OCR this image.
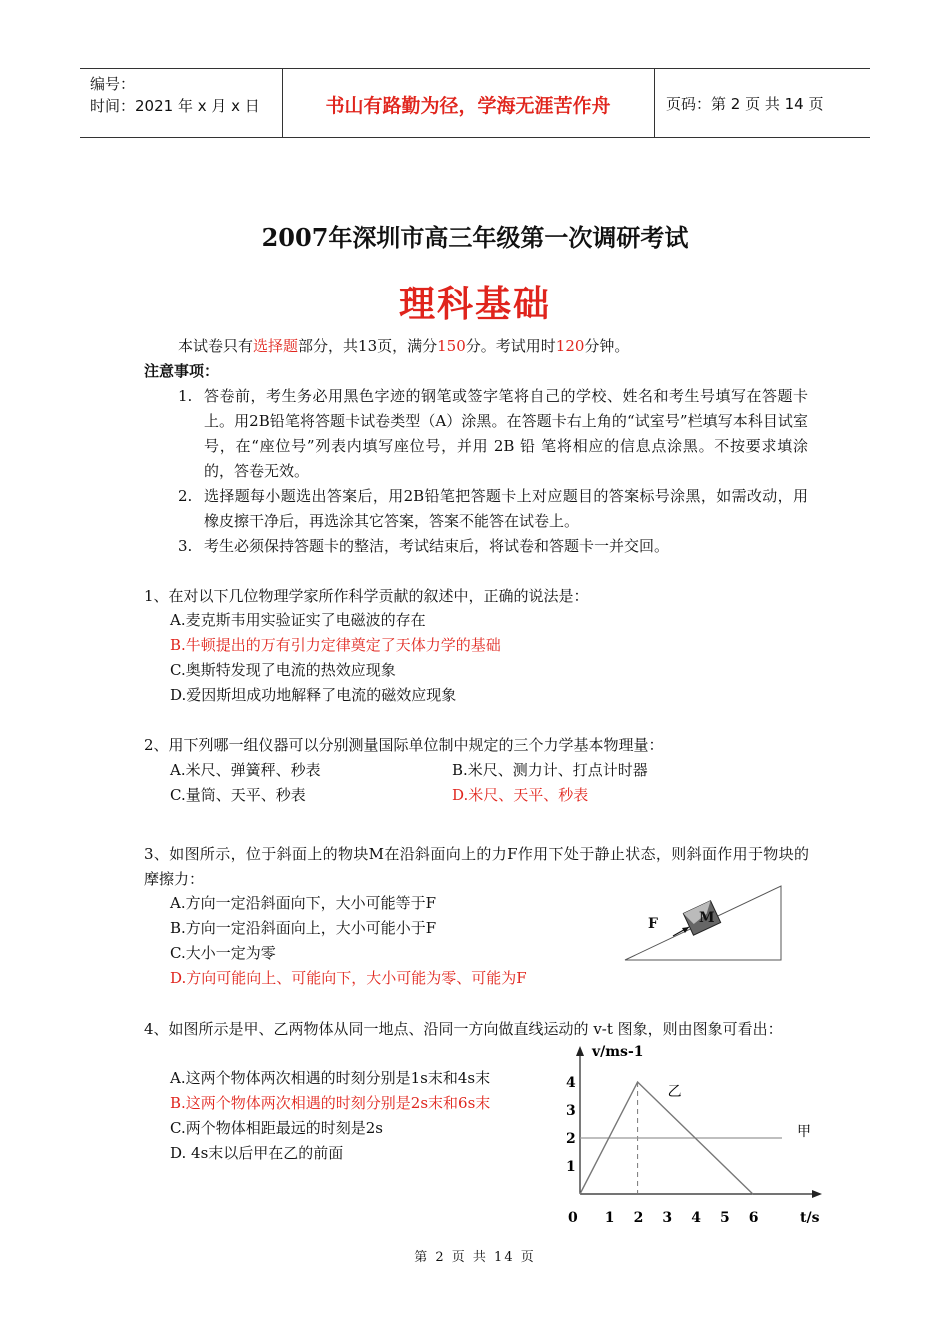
编号：
时间：2021 年 x 月 x 日	书山有路勤为径，学海无涯苦作舟	页码：第 2 页 共 14 页
2007年深圳市高三年级第一次调研考试
理科基础
本试卷只有选择题部分，共13页，满分150分。考试用时120分钟。
注意事项：
1. 答卷前，考生务必用黑色字迹的钢笔或签字笔将自己的学校、姓名和考生号填写在答题卡上。用2B铅笔将答题卡试卷类型（A）涂黑。在答题卡右上角的“试室号”栏填写本科目试室号，在“座位号”列表内填写座位号，并用 2B 铅 笔将相应的信息点涂黑。不按要求填涂的，答卷无效。
2. 选择题每小题选出答案后，用2B铅笔把答题卡上对应题目的答案标号涂黑，如需改动，用橡皮擦干净后，再选涂其它答案，答案不能答在试卷上。
3. 考生必须保持答题卡的整洁，考试结束后，将试卷和答题卡一并交回。
1、在对以下几位物理学家所作科学贡献的叙述中，正确的说法是：
A.麦克斯韦用实验证实了电磁波的存在
B.牛顿提出的万有引力定律奠定了天体力学的基础
C.奥斯特发现了电流的热效应现象
D.爱因斯坦成功地解释了电流的磁效应现象
2、用下列哪一组仪器可以分别测量国际单位制中规定的三个力学基本物理量：
A.米尺、弹簧秤、秒表	B.米尺、测力计、打点计时器
C.量筒、天平、秒表	D.米尺、天平、秒表
3、如图所示，位于斜面上的物块M在沿斜面向上的力F作用下处于静止状态，则斜面作用于物块的摩擦力：
A.方向一定沿斜面向下，大小可能等于F
B.方向一定沿斜面向上，大小可能小于F
C.大小一定为零
D.方向可能向上、可能向下，大小可能为零、可能为F
M
F
4、如图所示是甲、乙两物体从同一地点、沿同一方向做直线运动的 v-t 图象，则由图象可看出：
A.这两个物体两次相遇的时刻分别是1s末和4s末
B.这两个物体两次相遇的时刻分别是2s末和6s末
C.两个物体相距最远的时刻是2s
D. 4s末以后甲在乙的前面
v/ms-1
t/s
0 1 2 3 4 5 6
1
2
3
4
甲
乙
第 2 页 共 14 页
